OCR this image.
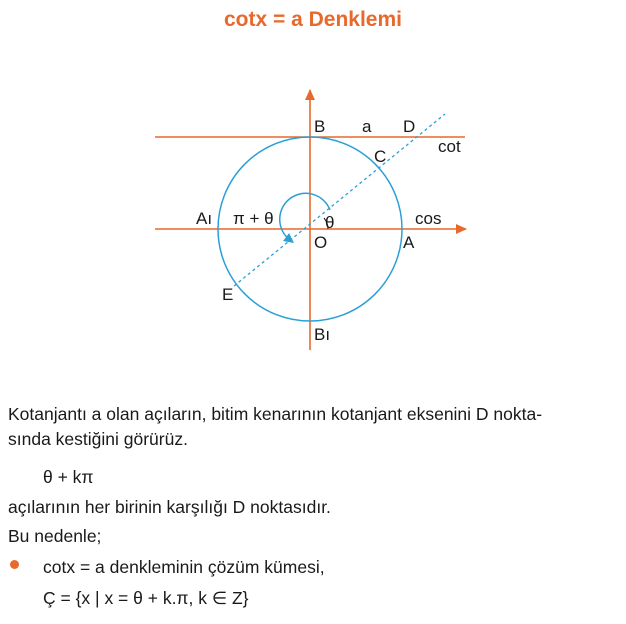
cotx = a Denklemi
B a D
C
cot
Aı π + θ	θ	cos
O	A
E
Bı
Kotanjantı a olan açıların, bitim kenarının kotanjant eksenini D nokta-
sında kestiğini görürüz.
θ + kπ
açılarının her birinin karşılığı D noktasıdır.
Bu nedenle;
cotx = a denkleminin çözüm kümesi,
Ç = {x | x = θ + k.π, k ∈ Z}
